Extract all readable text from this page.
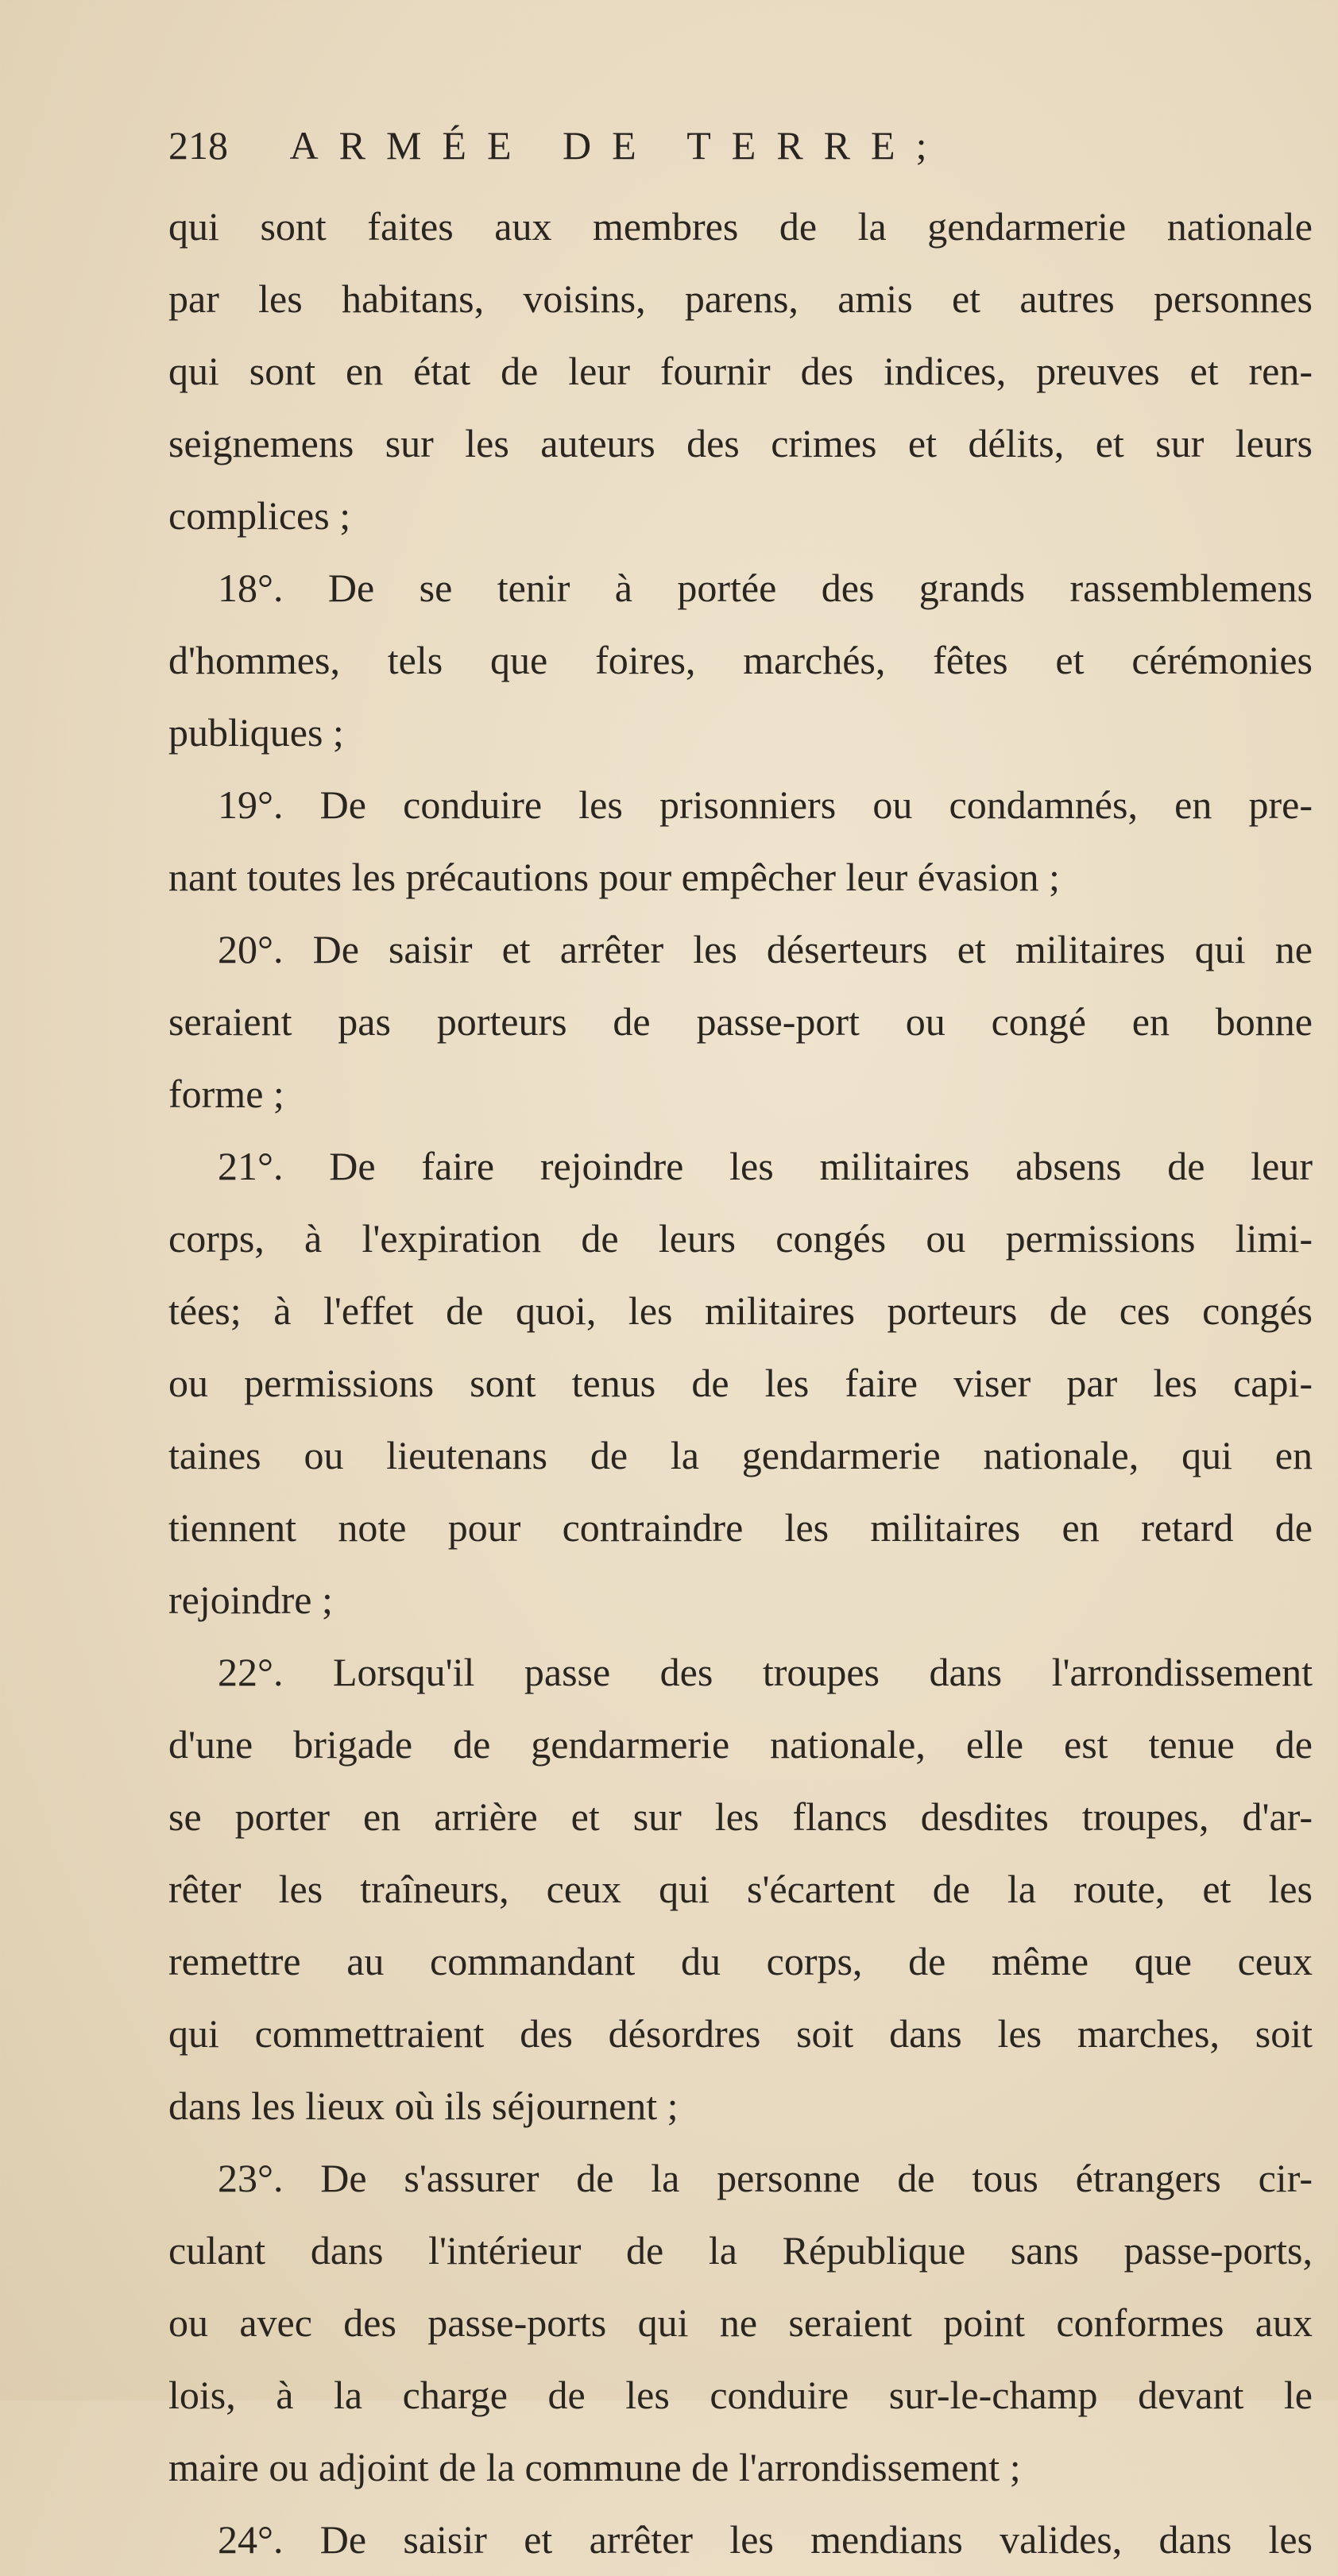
218 ARMÉE DE TERRE;
qui sont faites aux membres de la gendarmerie nationale
par les habitans, voisins, parens, amis et autres personnes
qui sont en état de leur fournir des indices, preuves et ren-
seignemens sur les auteurs des crimes et délits, et sur leurs
complices ;
18°. De se tenir à portée des grands rassemblemens
d'hommes, tels que foires, marchés, fêtes et cérémonies
publiques ;
19°. De conduire les prisonniers ou condamnés, en pre-
nant toutes les précautions pour empêcher leur évasion ;
20°. De saisir et arrêter les déserteurs et militaires qui ne
seraient pas porteurs de passe-port ou congé en bonne
forme ;
21°. De faire rejoindre les militaires absens de leur
corps, à l'expiration de leurs congés ou permissions limi-
tées; à l'effet de quoi, les militaires porteurs de ces congés
ou permissions sont tenus de les faire viser par les capi-
taines ou lieutenans de la gendarmerie nationale, qui en
tiennent note pour contraindre les militaires en retard de
rejoindre ;
22°. Lorsqu'il passe des troupes dans l'arrondissement
d'une brigade de gendarmerie nationale, elle est tenue de
se porter en arrière et sur les flancs desdites troupes, d'ar-
rêter les traîneurs, ceux qui s'écartent de la route, et les
remettre au commandant du corps, de même que ceux
qui commettraient des désordres soit dans les marches, soit
dans les lieux où ils séjournent ;
23°. De s'assurer de la personne de tous étrangers cir-
culant dans l'intérieur de la République sans passe-ports,
ou avec des passe-ports qui ne seraient point conformes aux
lois, à la charge de les conduire sur-le-champ devant le
maire ou adjoint de la commune de l'arrondissement ;
24°. De saisir et arrêter les mendians valides, dans les
